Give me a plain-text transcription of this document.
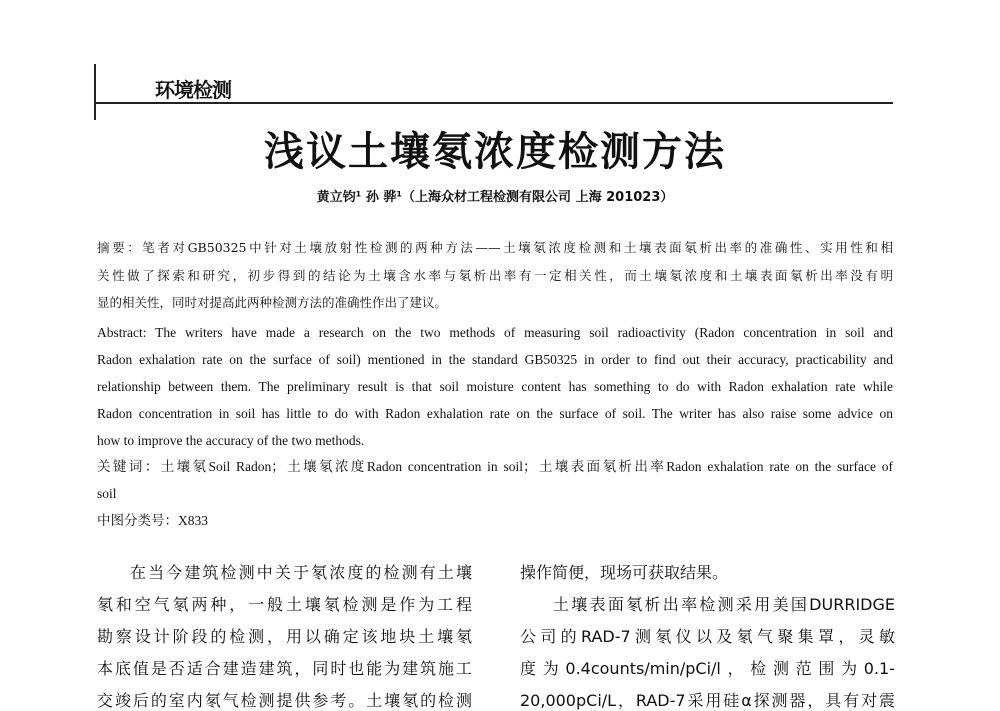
环境检测
浅议土壤氡浓度检测方法
黄立钧¹ 孙 骅¹（上海众材工程检测有限公司 上海 201023）
摘要：笔者对GB50325中针对土壤放射性检测的两种方法——土壤氡浓度检测和土壤表面氡析出率的准确性、实用性和相
关性做了探索和研究，初步得到的结论为土壤含水率与氡析出率有一定相关性，而土壤氡浓度和土壤表面氡析出率没有明
显的相关性，同时对提高此两种检测方法的准确性作出了建议。
Abstract: The writers have made a research on the two methods of measuring soil radioactivity (Radon concentration in soil and
Radon exhalation rate on the surface of soil) mentioned in the standard GB50325 in order to find out their accuracy, practicability and
relationship between them. The preliminary result is that soil moisture content has something to do with Radon exhalation rate while
Radon concentration in soil has little to do with Radon exhalation rate on the surface of soil. The writer has also raise some advice on
how to improve the accuracy of the two methods.
关键词：土壤氡Soil Radon；土壤氡浓度Radon concentration in soil；土壤表面氡析出率Radon exhalation rate on the surface of
soil
中图分类号：X833
在当今建筑检测中关于氡浓度的检测有土壤
氡和空气氡两种，一般土壤氡检测是作为工程
勘察设计阶段的检测，用以确定该地块土壤氡
本底值是否适合建造建筑，同时也能为建筑施工
交竣后的室内氡气检测提供参考。土壤氡的检测
操作简便，现场可获取结果。
土壤表面氡析出率检测采用美国DURRIDGE
公司的RAD-7测氡仪以及氡气聚集罩，灵敏
度为0.4counts/min/pCi/l，检测范围为0.1-
20,000pCi/L，RAD-7采用硅α探测器，具有对震
